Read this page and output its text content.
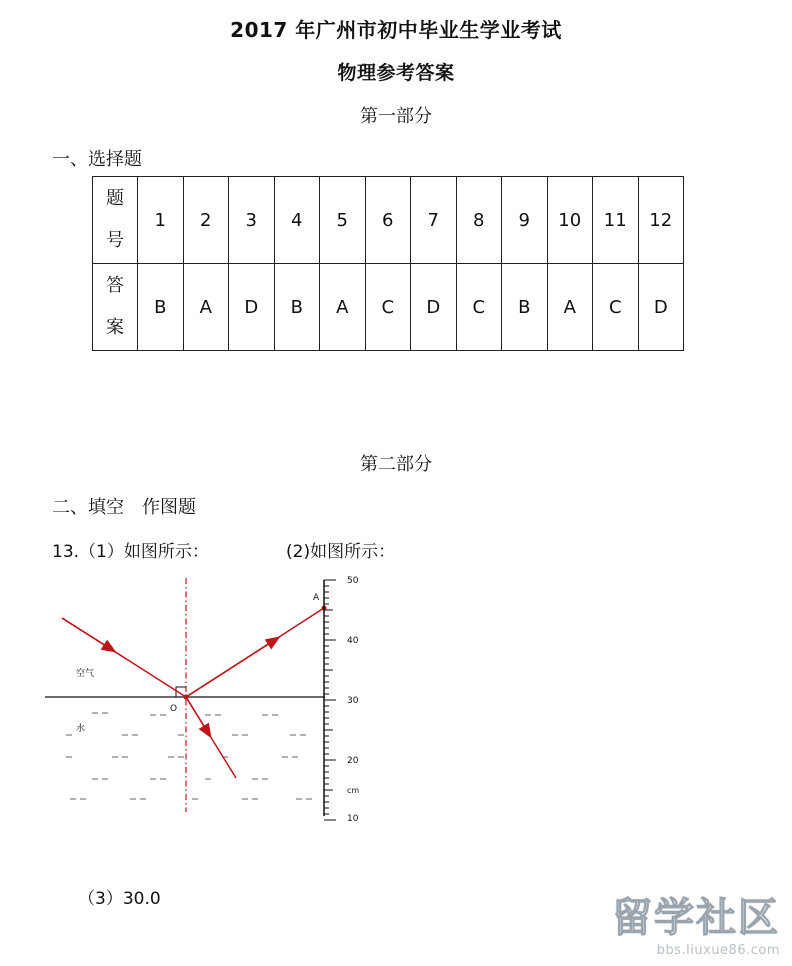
2017 年广州市初中毕业生学业考试
物理参考答案
第一部分
一、选择题
题
号	1	2	3	4	5	6	7	8	9	10	11	12

答
案	B	A	D	B	A	C	D	C	B	A	C	D
第二部分
二、填空　作图题
13.（1）如图所示：	(2)如图所示：
空气
水
O
A
50
40
30
20
cm
10
（3）30.0	留学社区
bbs.liuxue86.com
